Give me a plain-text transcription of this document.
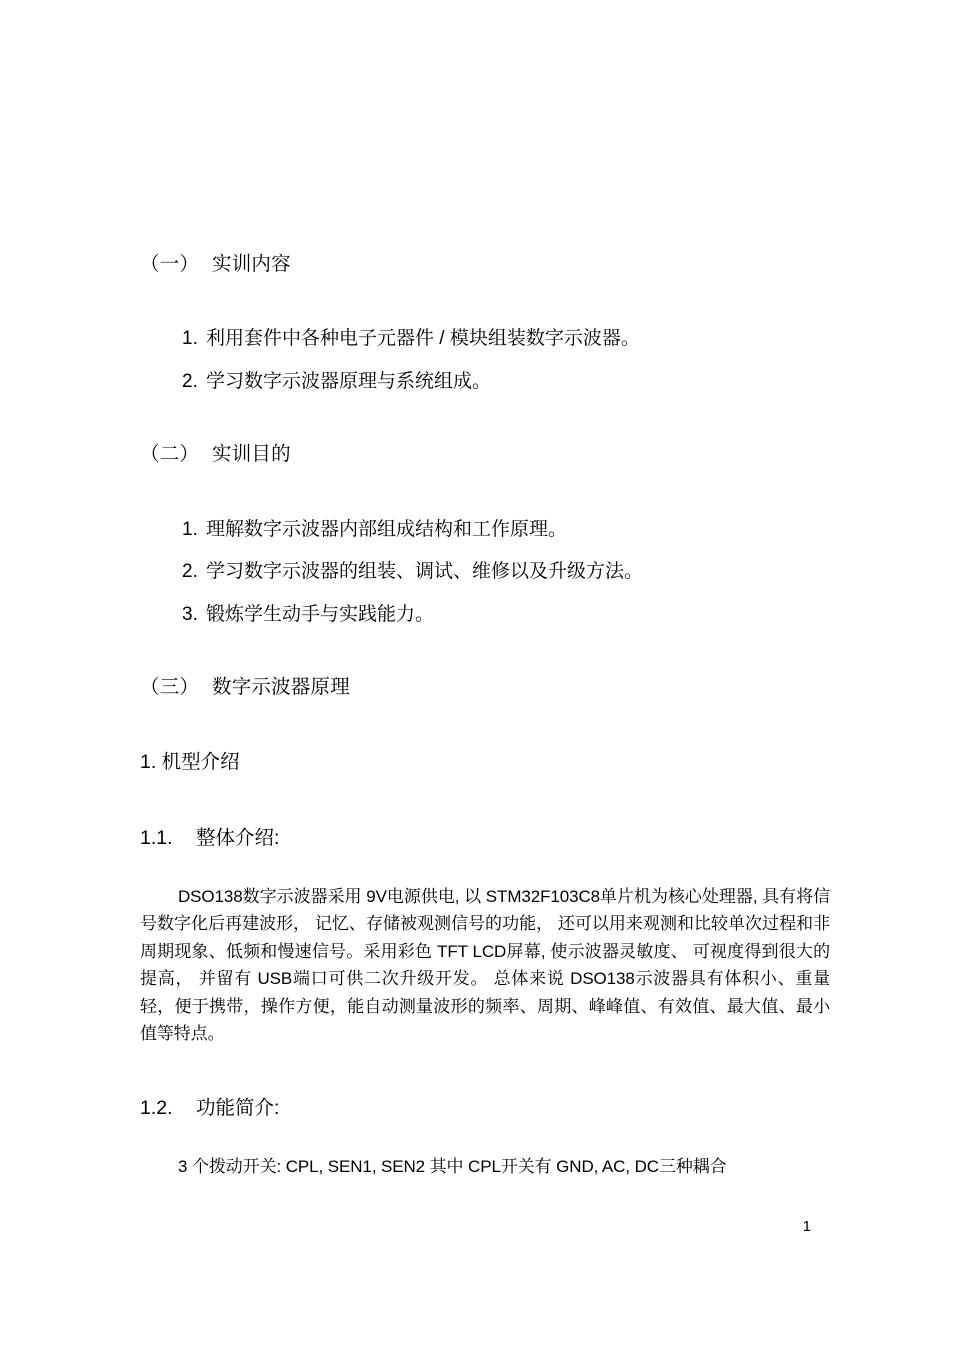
（一） 实训内容
1. 利用套件中各种电子元器件 / 模块组装数字示波器。
2. 学习数字示波器原理与系统组成。
（二） 实训目的
1. 理解数字示波器内部组成结构和工作原理。
2. 学习数字示波器的组装、调试、维修以及升级方法。
3. 锻炼学生动手与实践能力。
（三） 数字示波器原理
1. 机型介绍
1.1. 整体介绍:
DSO138数字示波器采用 9V电源供电, 以 STM32F103C8单片机为核心处理器, 具有将信号数字化后再建波形， 记忆、存储被观测信号的功能， 还可以用来观测和比较单次过程和非周期现象、低频和慢速信号。采用彩色 TFT LCD屏幕, 使示波器灵敏度、 可视度得到很大的提高， 并留有 USB端口可供二次升级开发。 总体来说 DSO138示波器具有体积小、重量轻，便于携带，操作方便，能自动测量波形的频率、周期、峰峰值、有效值、最大值、最小值等特点。
1.2. 功能简介:
3 个拨动开关: CPL, SEN1, SEN2 其中 CPL开关有 GND, AC, DC三种耦合
1
